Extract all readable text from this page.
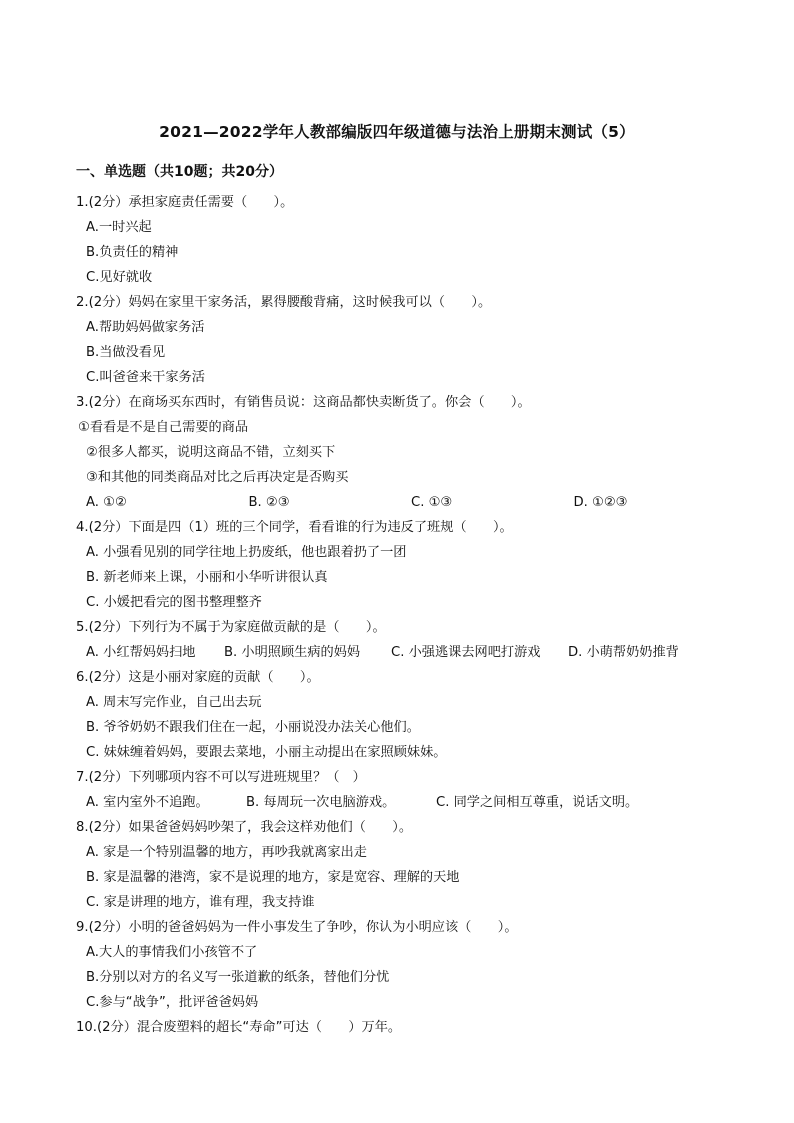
2021—2022学年人教部编版四年级道德与法治上册期末测试（5）
一、单选题（共10题；共20分）
1.(2分）承担家庭责任需要（　　）。
A.一时兴起
B.负责任的精神
C.见好就收
2.(2分）妈妈在家里干家务活，累得腰酸背痛，这时候我可以（　　）。
A.帮助妈妈做家务活
B.当做没看见
C.叫爸爸来干家务活
3.(2分）在商场买东西时，有销售员说：这商品都快卖断货了。你会（　　）。
①看看是不是自己需要的商品
②很多人都买，说明这商品不错，立刻买下
③和其他的同类商品对比之后再决定是否购买
A. ①②	B. ②③	C. ①③	D. ①②③
4.(2分）下面是四（1）班的三个同学，看看谁的行为违反了班规（　　）。
A. 小强看见别的同学往地上扔废纸，他也跟着扔了一团
B. 新老师来上课，小丽和小华听讲很认真
C. 小媛把看完的图书整理整齐
5.(2分）下列行为不属于为家庭做贡献的是（　　）。
A. 小红帮妈妈扫地	B. 小明照顾生病的妈妈	C. 小强逃课去网吧打游戏	D. 小萌帮奶奶推背
6.(2分）这是小丽对家庭的贡献（　　）。
A. 周末写完作业，自己出去玩
B. 爷爷奶奶不跟我们住在一起，小丽说没办法关心他们。
C. 妹妹缠着妈妈，要跟去菜地，小丽主动提出在家照顾妹妹。
7.(2分）下列哪项内容不可以写进班规里？（　）
A. 室内室外不追跑。	B. 每周玩一次电脑游戏。	C. 同学之间相互尊重，说话文明。
8.(2分）如果爸爸妈妈吵架了，我会这样劝他们（　　）。
A. 家是一个特别温馨的地方，再吵我就离家出走
B. 家是温馨的港湾，家不是说理的地方，家是宽容、理解的天地
C. 家是讲理的地方，谁有理，我支持谁
9.(2分）小明的爸爸妈妈为一件小事发生了争吵，你认为小明应该（　　）。
A.大人的事情我们小孩管不了
B.分别以对方的名义写一张道歉的纸条，替他们分忧
C.参与“战争”，批评爸爸妈妈
10.(2分）混合废塑料的超长“寿命”可达（　　）万年。
